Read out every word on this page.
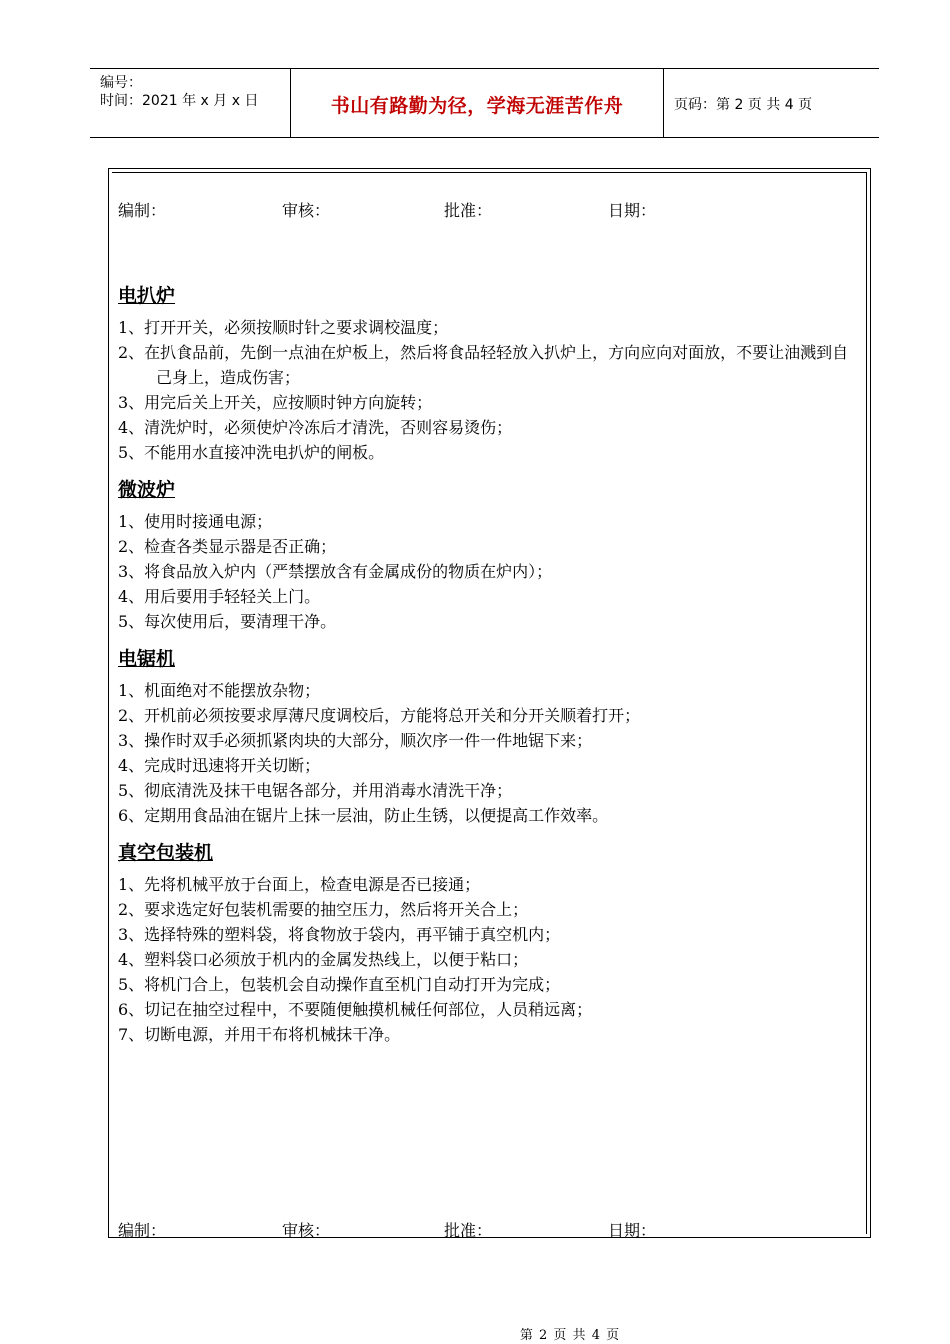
编号：
时间：2021 年 x 月 x 日	书山有路勤为径，学海无涯苦作舟	页码：第 2 页 共 4 页
编制：	审核：	批准：	日期：
电扒炉
1、打开开关，必须按顺时针之要求调校温度；
2、在扒食品前，先倒一点油在炉板上，然后将食品轻轻放入扒炉上，方向应向对面放，不要让油溅到自己身上，造成伤害；
3、用完后关上开关，应按顺时钟方向旋转；
4、清洗炉时，必须使炉冷冻后才清洗，否则容易烫伤；
5、不能用水直接冲洗电扒炉的闸板。
微波炉
1、使用时接通电源；
2、检查各类显示器是否正确；
3、将食品放入炉内（严禁摆放含有金属成份的物质在炉内）；
4、用后要用手轻轻关上门。
5、每次使用后，要清理干净。
电锯机
1、机面绝对不能摆放杂物；
2、开机前必须按要求厚薄尺度调校后，方能将总开关和分开关顺着打开；
3、操作时双手必须抓紧肉块的大部分，顺次序一件一件地锯下来；
4、完成时迅速将开关切断；
5、彻底清洗及抹干电锯各部分，并用消毒水清洗干净；
6、定期用食品油在锯片上抹一层油，防止生锈，以便提高工作效率。
真空包装机
1、先将机械平放于台面上，检查电源是否已接通；
2、要求选定好包装机需要的抽空压力，然后将开关合上；
3、选择特殊的塑料袋，将食物放于袋内，再平铺于真空机内；
4、塑料袋口必须放于机内的金属发热线上，以便于粘口；
5、将机门合上，包装机会自动操作直至机门自动打开为完成；
6、切记在抽空过程中，不要随便触摸机械任何部位，人员稍远离；
7、切断电源，并用干布将机械抹干净。
编制：	审核：	批准：	日期：
第 2 页 共 4 页
